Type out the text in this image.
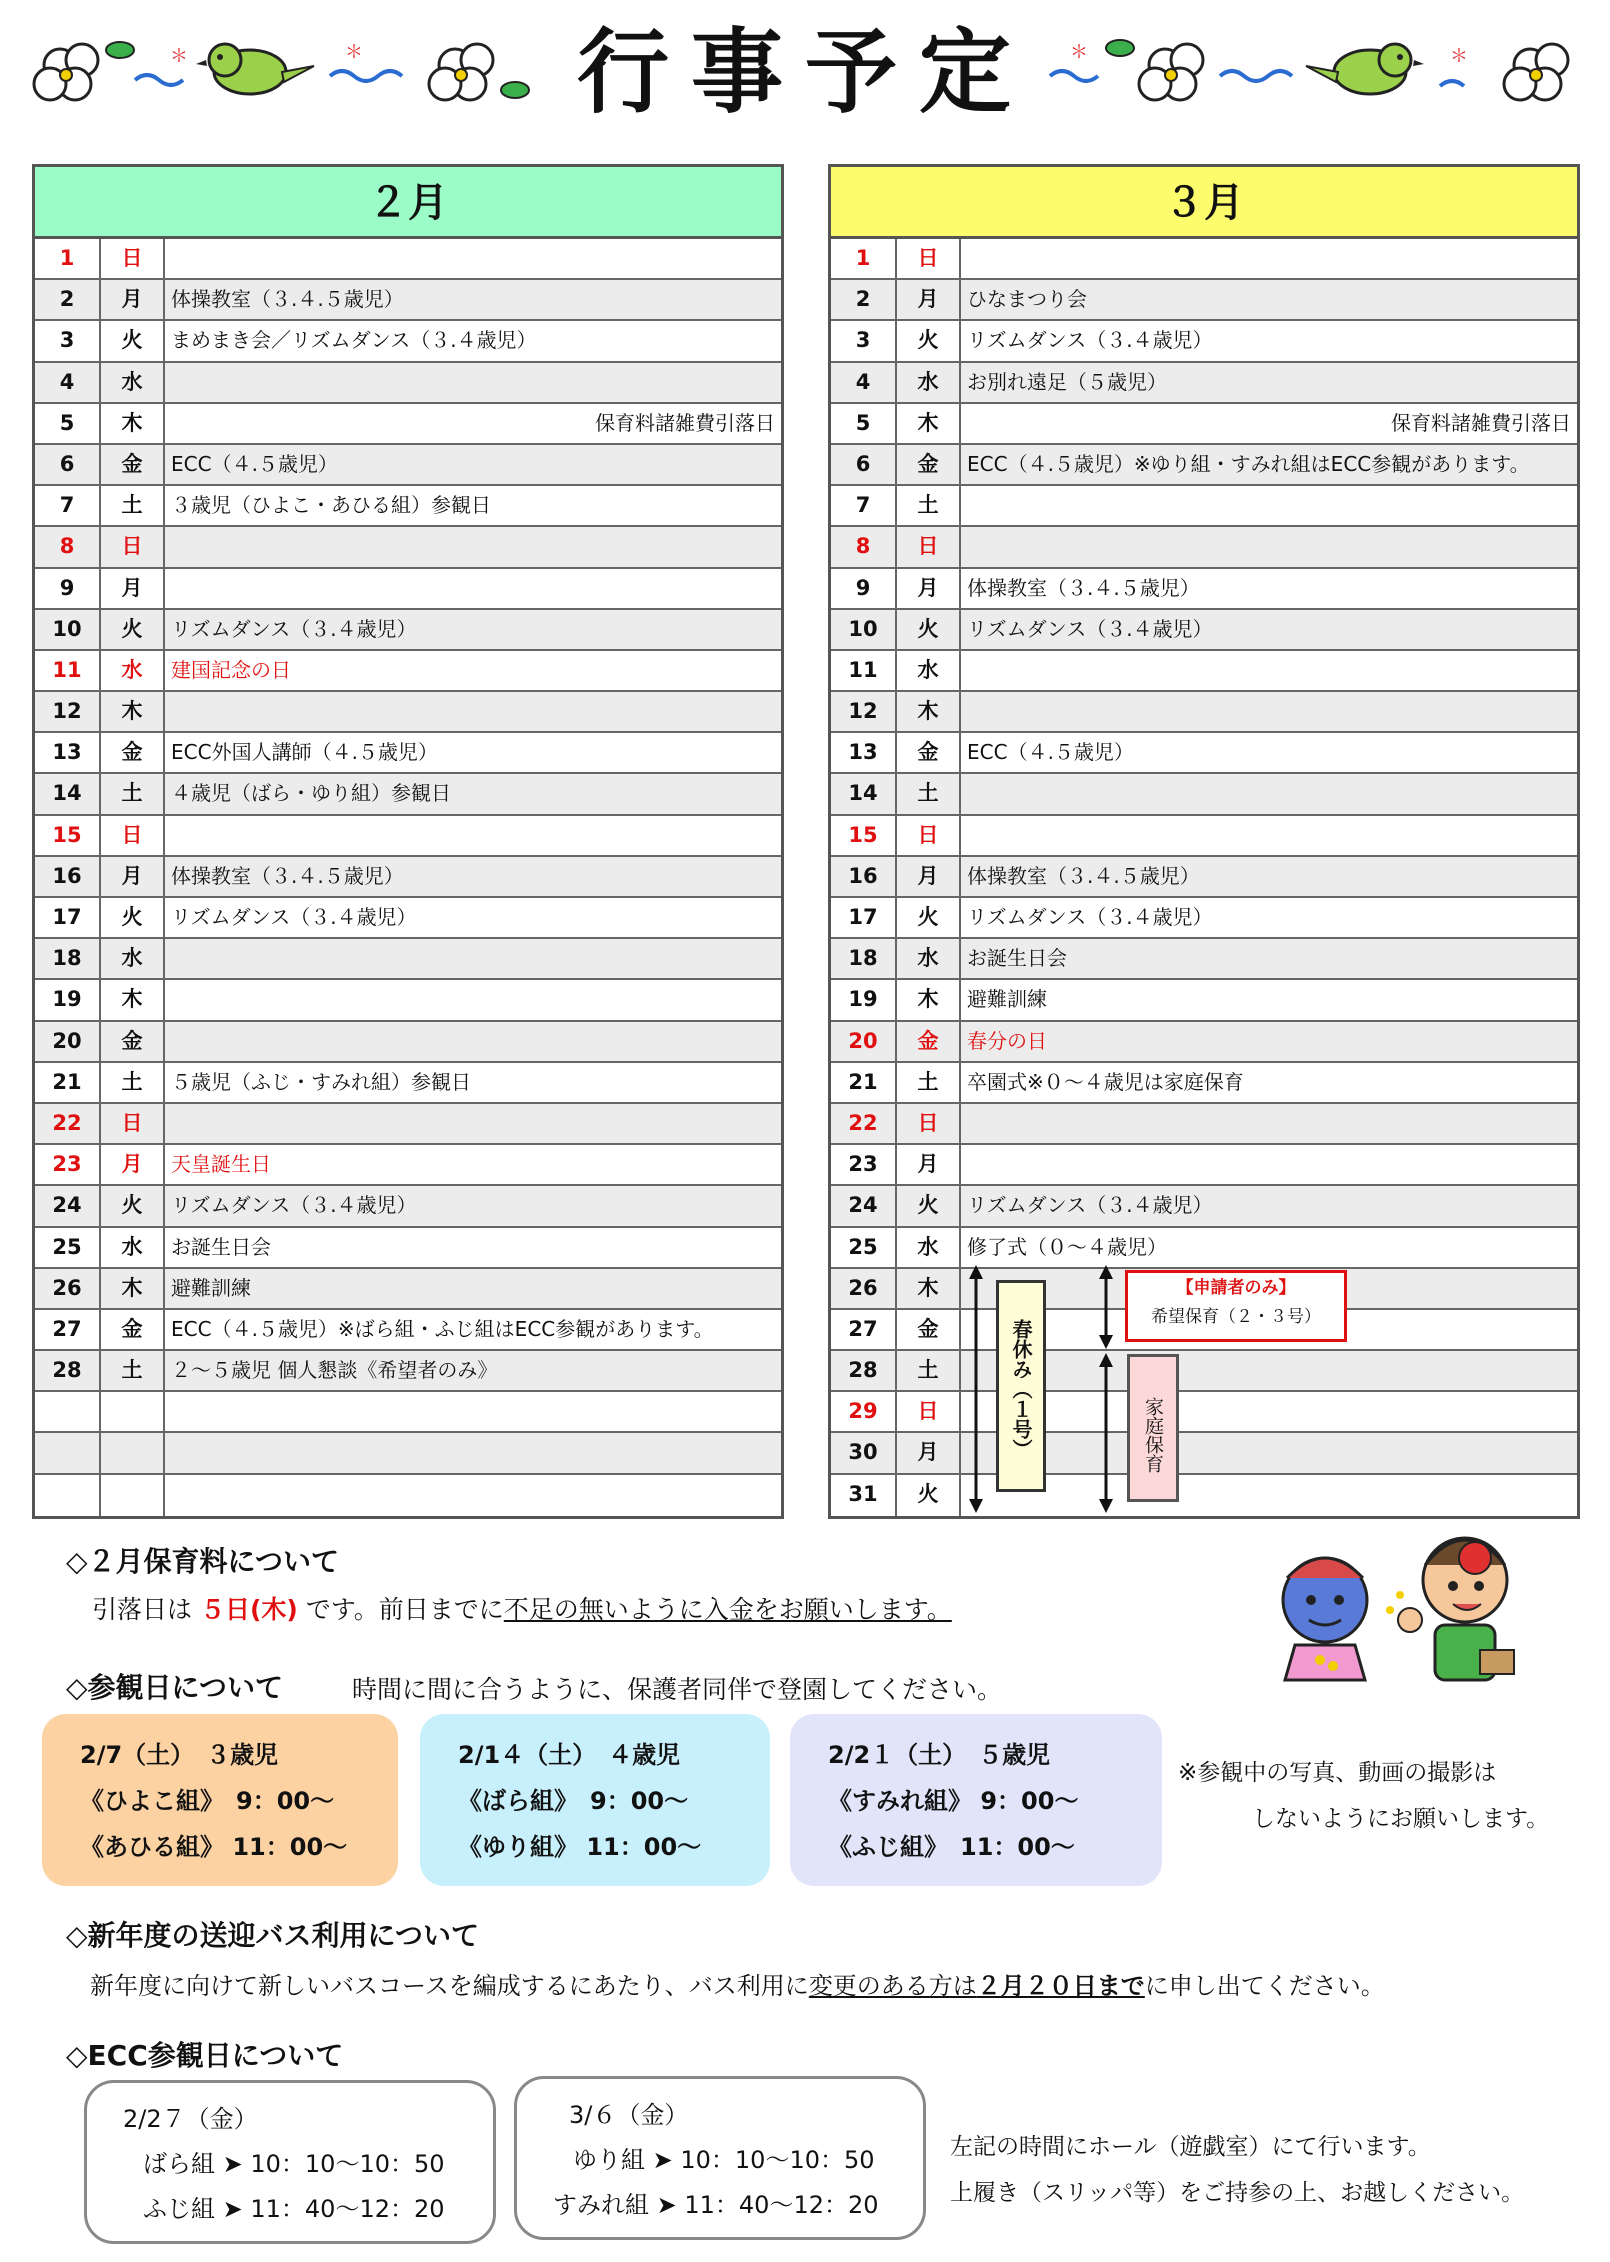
＊	＊ 行事予定	＊	＊
２月
1	日
2	月	体操教室（３.４.５歳児）
3	火	まめまき会／リズムダンス（３.４歳児）
4	水
5	木	保育料諸雑費引落日
6	金	ECC（４.５歳児）
7	土	３歳児（ひよこ・あひる組）参観日
8	日
9	月
10	火	リズムダンス（３.４歳児）
11	水	建国記念の日
12	木
13	金	ECC外国人講師（４.５歳児）
14	土	４歳児（ばら・ゆり組）参観日
15	日
16	月	体操教室（３.４.５歳児）
17	火	リズムダンス（３.４歳児）
18	水
19	木
20	金
21	土	５歳児（ふじ・すみれ組）参観日
22	日
23	月	天皇誕生日
24	火	リズムダンス（３.４歳児）
25	水	お誕生日会
26	木	避難訓練
27	金	ECC（４.５歳児）※ばら組・ふじ組はECC参観があります。
28	土	２～５歳児 個人懇談《希望者のみ》
３月
1	日
2	月	ひなまつり会
3	火	リズムダンス（３.４歳児）
4	水	お別れ遠足（５歳児）
5	木	保育料諸雑費引落日
6	金	ECC（４.５歳児）※ゆり組・すみれ組はECC参観があります。
7	土
8	日
9	月	体操教室（３.４.５歳児）
10	火	リズムダンス（３.４歳児）
11	水
12	木
13	金	ECC（４.５歳児）
14	土
15	日
16	月	体操教室（３.４.５歳児）
17	火	リズムダンス（３.４歳児）
18	水	お誕生日会
19	木	避難訓練
20	金	春分の日
21	土	卒園式※０～４歳児は家庭保育
22	日
23	月
24	火	リズムダンス（３.４歳児）
25	水	修了式（０～４歳児）
26	木
27	金
28	土
29	日
30	月
31	火
春休み（１号）
【申請者のみ】
希望保育（２・３号）
家庭保育
◇２月保育料について
引落日は ５日(木) です。前日までに不足の無いように入金をお願いします。
◇参観日について	時間に間に合うように、保護者同伴で登園してください。
2/7（土）　３歳児
《ひよこ組》　9：00～
《あひる組》 11：00～
2/1４（土）　４歳児
《ばら組》　9：00～
《ゆり組》 11：00～
2/2１（土）　５歳児
《すみれ組》 9：00～
《ふじ組》　11：00～
※参観中の写真、動画の撮影は
しないようにお願いします。
◇新年度の送迎バス利用について
新年度に向けて新しいバスコースを編成するにあたり、バス利用に変更のある方は２月２０日までに申し出てください。
◇ECC参観日について
2/2７（金）
ばら組 ➤ 10：10～10：50
ふじ組 ➤ 11：40～12：20
3/６（金）
ゆり組 ➤ 10：10～10：50
すみれ組 ➤ 11：40～12：20
左記の時間にホール（遊戯室）にて行います。
上履き（スリッパ等）をご持参の上、お越しください。
